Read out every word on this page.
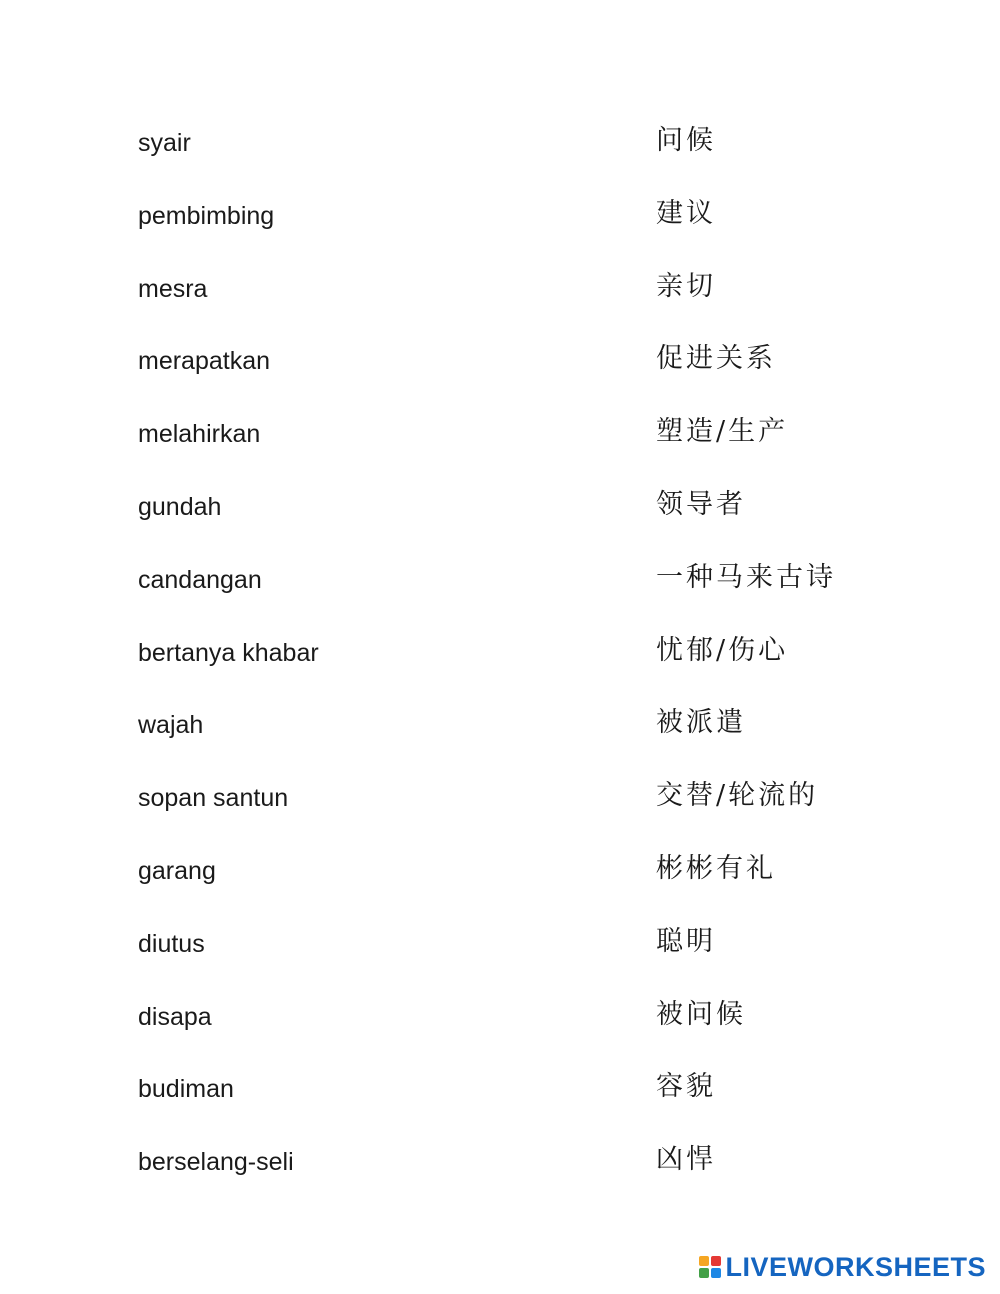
syair	问候
pembimbing	建议
mesra	亲切
merapatkan	促进关系
melahirkan	塑造/生产
gundah	领导者
candangan	一种马来古诗
bertanya khabar	忧郁/伤心
wajah	被派遣
sopan santun	交替/轮流的
garang	彬彬有礼
diutus	聪明
disapa	被问候
budiman	容貌
berselang-seli	凶悍
LIVEWORKSHEETS
